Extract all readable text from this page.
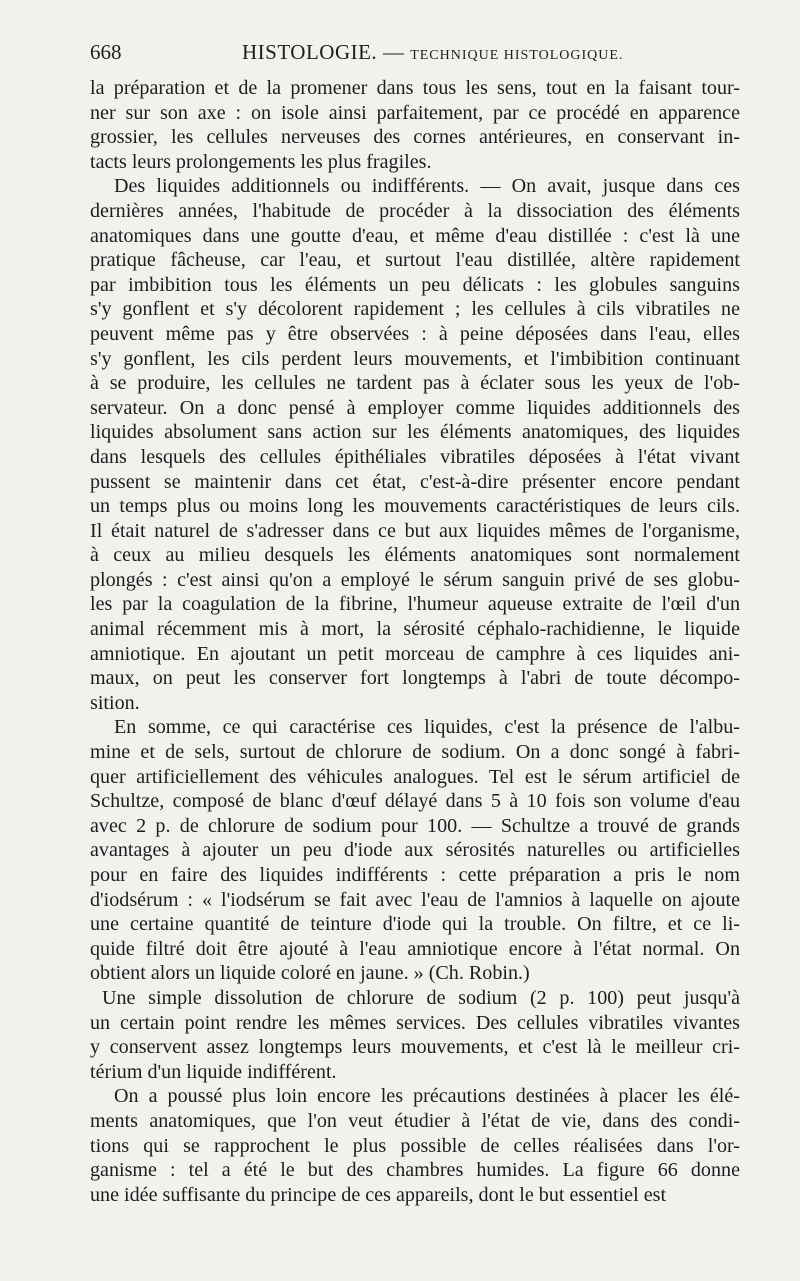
668	HISTOLOGIE. — TECHNIQUE HISTOLOGIQUE.
la préparation et de la promener dans tous les sens, tout en la faisant tour-
ner sur son axe : on isole ainsi parfaitement, par ce procédé en apparence
grossier, les cellules nerveuses des cornes antérieures, en conservant in-
tacts leurs prolongements les plus fragiles.
Des liquides additionnels ou indifférents. — On avait, jusque dans ces
dernières années, l'habitude de procéder à la dissociation des éléments
anatomiques dans une goutte d'eau, et même d'eau distillée : c'est là une
pratique fâcheuse, car l'eau, et surtout l'eau distillée, altère rapidement
par imbibition tous les éléments un peu délicats : les globules sanguins
s'y gonflent et s'y décolorent rapidement ; les cellules à cils vibratiles ne
peuvent même pas y être observées : à peine déposées dans l'eau, elles
s'y gonflent, les cils perdent leurs mouvements, et l'imbibition continuant
à se produire, les cellules ne tardent pas à éclater sous les yeux de l'ob-
servateur. On a donc pensé à employer comme liquides additionnels des
liquides absolument sans action sur les éléments anatomiques, des liquides
dans lesquels des cellules épithéliales vibratiles déposées à l'état vivant
pussent se maintenir dans cet état, c'est-à-dire présenter encore pendant
un temps plus ou moins long les mouvements caractéristiques de leurs cils.
Il était naturel de s'adresser dans ce but aux liquides mêmes de l'organisme,
à ceux au milieu desquels les éléments anatomiques sont normalement
plongés : c'est ainsi qu'on a employé le sérum sanguin privé de ses globu-
les par la coagulation de la fibrine, l'humeur aqueuse extraite de l'œil d'un
animal récemment mis à mort, la sérosité céphalo-rachidienne, le liquide
amniotique. En ajoutant un petit morceau de camphre à ces liquides ani-
maux, on peut les conserver fort longtemps à l'abri de toute décompo-
sition.
En somme, ce qui caractérise ces liquides, c'est la présence de l'albu-
mine et de sels, surtout de chlorure de sodium. On a donc songé à fabri-
quer artificiellement des véhicules analogues. Tel est le sérum artificiel de
Schultze, composé de blanc d'œuf délayé dans 5 à 10 fois son volume d'eau
avec 2 p. de chlorure de sodium pour 100. — Schultze a trouvé de grands
avantages à ajouter un peu d'iode aux sérosités naturelles ou artificielles
pour en faire des liquides indifférents : cette préparation a pris le nom
d'iodsérum : « l'iodsérum se fait avec l'eau de l'amnios à laquelle on ajoute
une certaine quantité de teinture d'iode qui la trouble. On filtre, et ce li-
quide filtré doit être ajouté à l'eau amniotique encore à l'état normal. On
obtient alors un liquide coloré en jaune. » (Ch. Robin.)
Une simple dissolution de chlorure de sodium (2 p. 100) peut jusqu'à
un certain point rendre les mêmes services. Des cellules vibratiles vivantes
y conservent assez longtemps leurs mouvements, et c'est là le meilleur cri-
térium d'un liquide indifférent.
On a poussé plus loin encore les précautions destinées à placer les élé-
ments anatomiques, que l'on veut étudier à l'état de vie, dans des condi-
tions qui se rapprochent le plus possible de celles réalisées dans l'or-
ganisme : tel a été le but des chambres humides. La figure 66 donne
une idée suffisante du principe de ces appareils, dont le but essentiel est
